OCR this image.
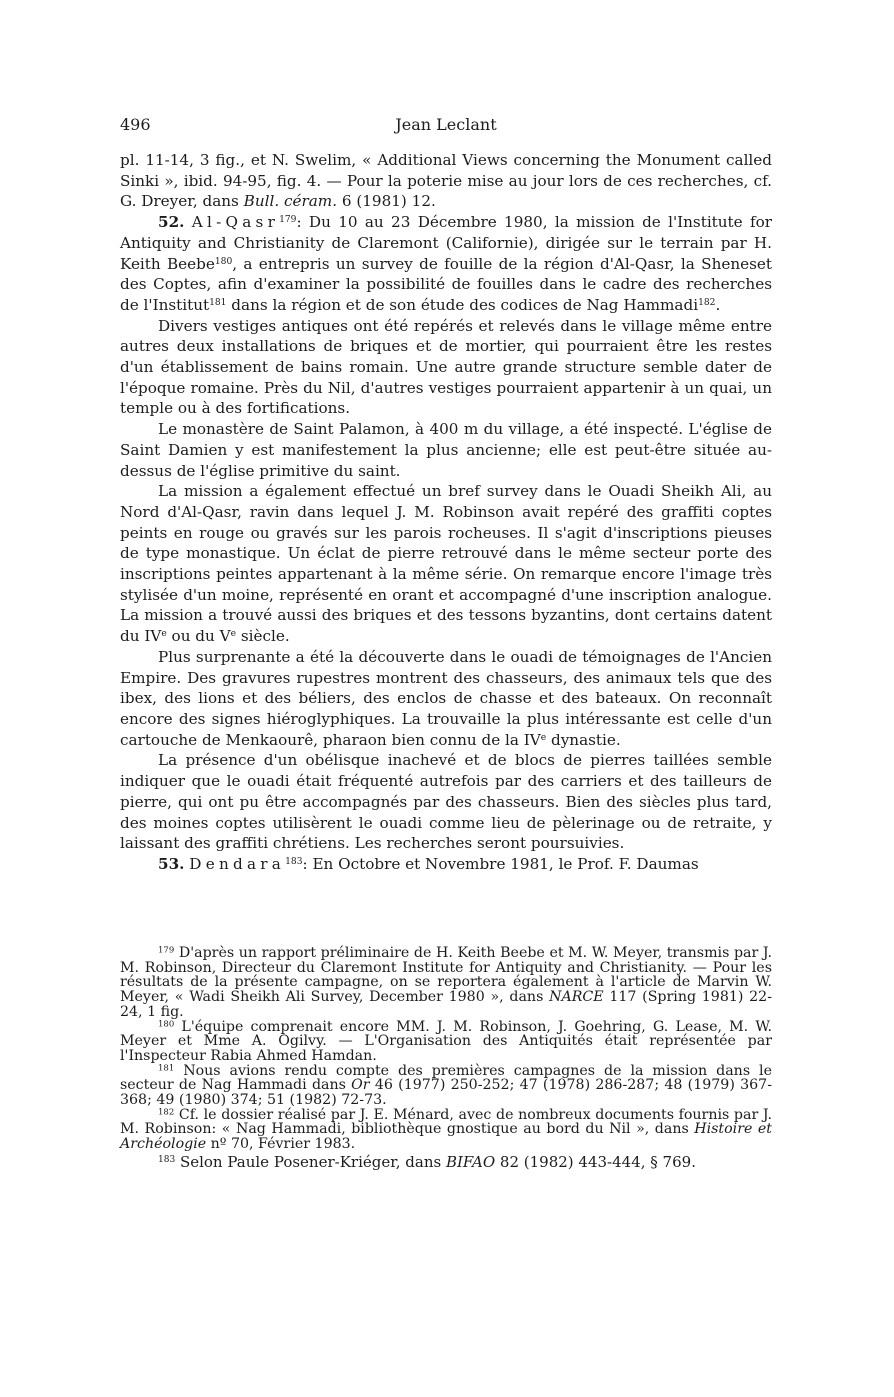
496	Jean Leclant

pl. 11-14, 3 fig., et N. Swelim, « Additional Views concerning the Monument called Sinki », ibid. 94-95, fig. 4. — Pour la poterie mise au jour lors de ces recherches, cf. G. Dreyer, dans Bull. céram. 6 (1981) 12.

52. Al-Qasr$^{179}$: Du 10 au 23 Décembre 1980, la mission de l'Institute for Antiquity and Christianity de Claremont (Californie), dirigée sur le terrain par H. Keith Beebe$^{180}$, a entrepris un survey de fouille de la région d'Al-Qasr, la Sheneset des Coptes, afin d'examiner la possibilité de fouilles dans le cadre des recherches de l'Institut$^{181}$ dans la région et de son étude des codices de Nag Hammadi$^{182}$.

Divers vestiges antiques ont été repérés et relevés dans le village même entre autres deux installations de briques et de mortier, qui pourraient être les restes d'un établissement de bains romain. Une autre grande structure semble dater de l'époque romaine. Près du Nil, d'autres vestiges pourraient appartenir à un quai, un temple ou à des fortifications.

Le monastère de Saint Palamon, à 400 m du village, a été inspecté. L'église de Saint Damien y est manifestement la plus ancienne; elle est peut-être située au-dessus de l'église primitive du saint.

La mission a également effectué un bref survey dans le Ouadi Sheikh Ali, au Nord d'Al-Qasr, ravin dans lequel J. M. Robinson avait repéré des graffiti coptes peints en rouge ou gravés sur les parois rocheuses. Il s'agit d'inscriptions pieuses de type monastique. Un éclat de pierre retrouvé dans le même secteur porte des inscriptions peintes appartenant à la même série. On remarque encore l'image très stylisée d'un moine, représenté en orant et accompagné d'une inscription analogue. La mission a trouvé aussi des briques et des tessons byzantins, dont certains datent du IVe ou du Ve siècle.

Plus surprenante a été la découverte dans le ouadi de témoignages de l'Ancien Empire. Des gravures rupestres montrent des chasseurs, des animaux tels que des ibex, des lions et des béliers, des enclos de chasse et des bateaux. On reconnaît encore des signes hiéroglyphiques. La trouvaille la plus intéressante est celle d'un cartouche de Menkaourê, pharaon bien connu de la IVe dynastie.

La présence d'un obélisque inachevé et de blocs de pierres taillées semble indiquer que le ouadi était fréquenté autrefois par des carriers et des tailleurs de pierre, qui ont pu être accompagnés par des chasseurs. Bien des siècles plus tard, des moines coptes utilisèrent le ouadi comme lieu de pèlerinage ou de retraite, y laissant des graffiti chrétiens. Les recherches seront poursuivies.

53. Dendara$^{183}$: En Octobre et Novembre 1981, le Prof. F. Daumas

$^{179}$ D'après un rapport préliminaire de H. Keith Beebe et M. W. Meyer, transmis par J. M. Robinson, Directeur du Claremont Institute for Antiquity and Christianity. — Pour les résultats de la présente campagne, on se reportera également à l'article de Marvin W. Meyer, « Wadi Sheikh Ali Survey, December 1980 », dans NARCE 117 (Spring 1981) 22-24, 1 fig.

$^{180}$ L'équipe comprenait encore MM. J. M. Robinson, J. Goehring, G. Lease, M. W. Meyer et Mme A. Ogilvy. — L'Organisation des Antiquités était représentée par l'Inspecteur Rabia Ahmed Hamdan.

$^{181}$ Nous avions rendu compte des premières campagnes de la mission dans le secteur de Nag Hammadi dans Or 46 (1977) 250-252; 47 (1978) 286-287; 48 (1979) 367-368; 49 (1980) 374; 51 (1982) 72-73.

$^{182}$ Cf. le dossier réalisé par J. E. Ménard, avec de nombreux documents fournis par J. M. Robinson: « Nag Hammadi, bibliothèque gnostique au bord du Nil », dans Histoire et Archéologie nº 70, Février 1983.

$^{183}$ Selon Paule Posener-Kriéger, dans BIFAO 82 (1982) 443-444, § 769.
